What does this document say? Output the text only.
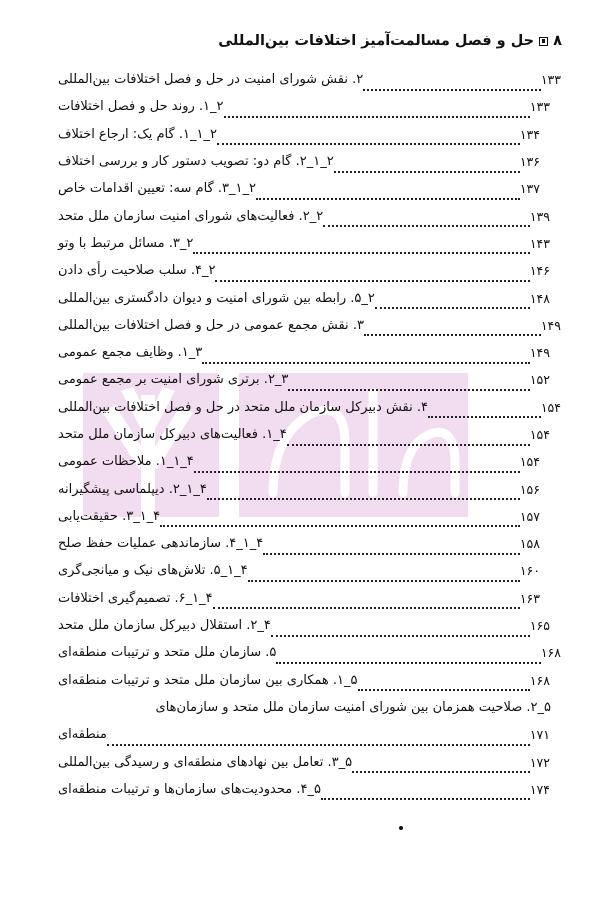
۸
حل و فصل مسالمت‌آمیز اختلافات بین‌المللی
۲. نقش شورای امنیت در حل و فصل اختلافات بین‌المللی	۱۳۳
۲_۱. روند حل و فصل اختلافات	۱۳۳
۲_۱_۱. گام یک: ارجاع اختلاف	۱۳۴
۲_۱_۲. گام دو: تصویب دستور کار و بررسی اختلاف	۱۳۶
۲_۱_۳. گام سه: تعیین اقدامات خاص	۱۳۷
۲_۲. فعالیت‌های شورای امنیت سازمان ملل متحد	۱۳۹
۲_۳. مسائل مرتبط با وتو	۱۴۳
۲_۴. سلب صلاحیت رأی دادن	۱۴۶
۲_۵. رابطه بین شورای امنیت و دیوان دادگستری بین‌المللی	۱۴۸
۳. نقش مجمع عمومی در حل و فصل اختلافات بین‌المللی	۱۴۹
۳_۱. وظایف مجمع عمومی	۱۴۹
۳_۲. برتری شورای امنیت بر مجمع عمومی	۱۵۲
۴. نقش دبیرکل سازمان ملل متحد در حل و فصل اختلافات بین‌المللی	۱۵۴
۴_۱. فعالیت‌های دبیرکل سازمان ملل متحد	۱۵۴
۴_۱_۱. ملاحظات عمومی	۱۵۴
۴_۱_۲. دیپلماسی پیشگیرانه	۱۵۶
۴_۱_۳. حقیقت‌یابی	۱۵۷
۴_۱_۴. سازماندهی عملیات حفظ صلح	۱۵۸
۴_۱_۵. تلاش‌های نیک و میانجی‌گری	۱۶۰
۴_۱_۶. تصمیم‌گیری اختلافات	۱۶۳
۴_۲. استقلال دبیرکل سازمان ملل متحد	۱۶۵
۵. سازمان ملل متحد و ترتیبات منطقه‌ای	۱۶۸
۵_۱. همکاری بین سازمان ملل متحد و ترتیبات منطقه‌ای	۱۶۸
۵_۲. صلاحیت همزمان بین شورای امنیت سازمان ملل متحد و سازمان‌های
منطقه‌ای	۱۷۱
۵_۳. تعامل بین نهادهای منطقه‌ای و رسیدگی بین‌المللی	۱۷۲
۵_۴. محدودیت‌های سازمان‌ها و ترتیبات منطقه‌ای	۱۷۴
